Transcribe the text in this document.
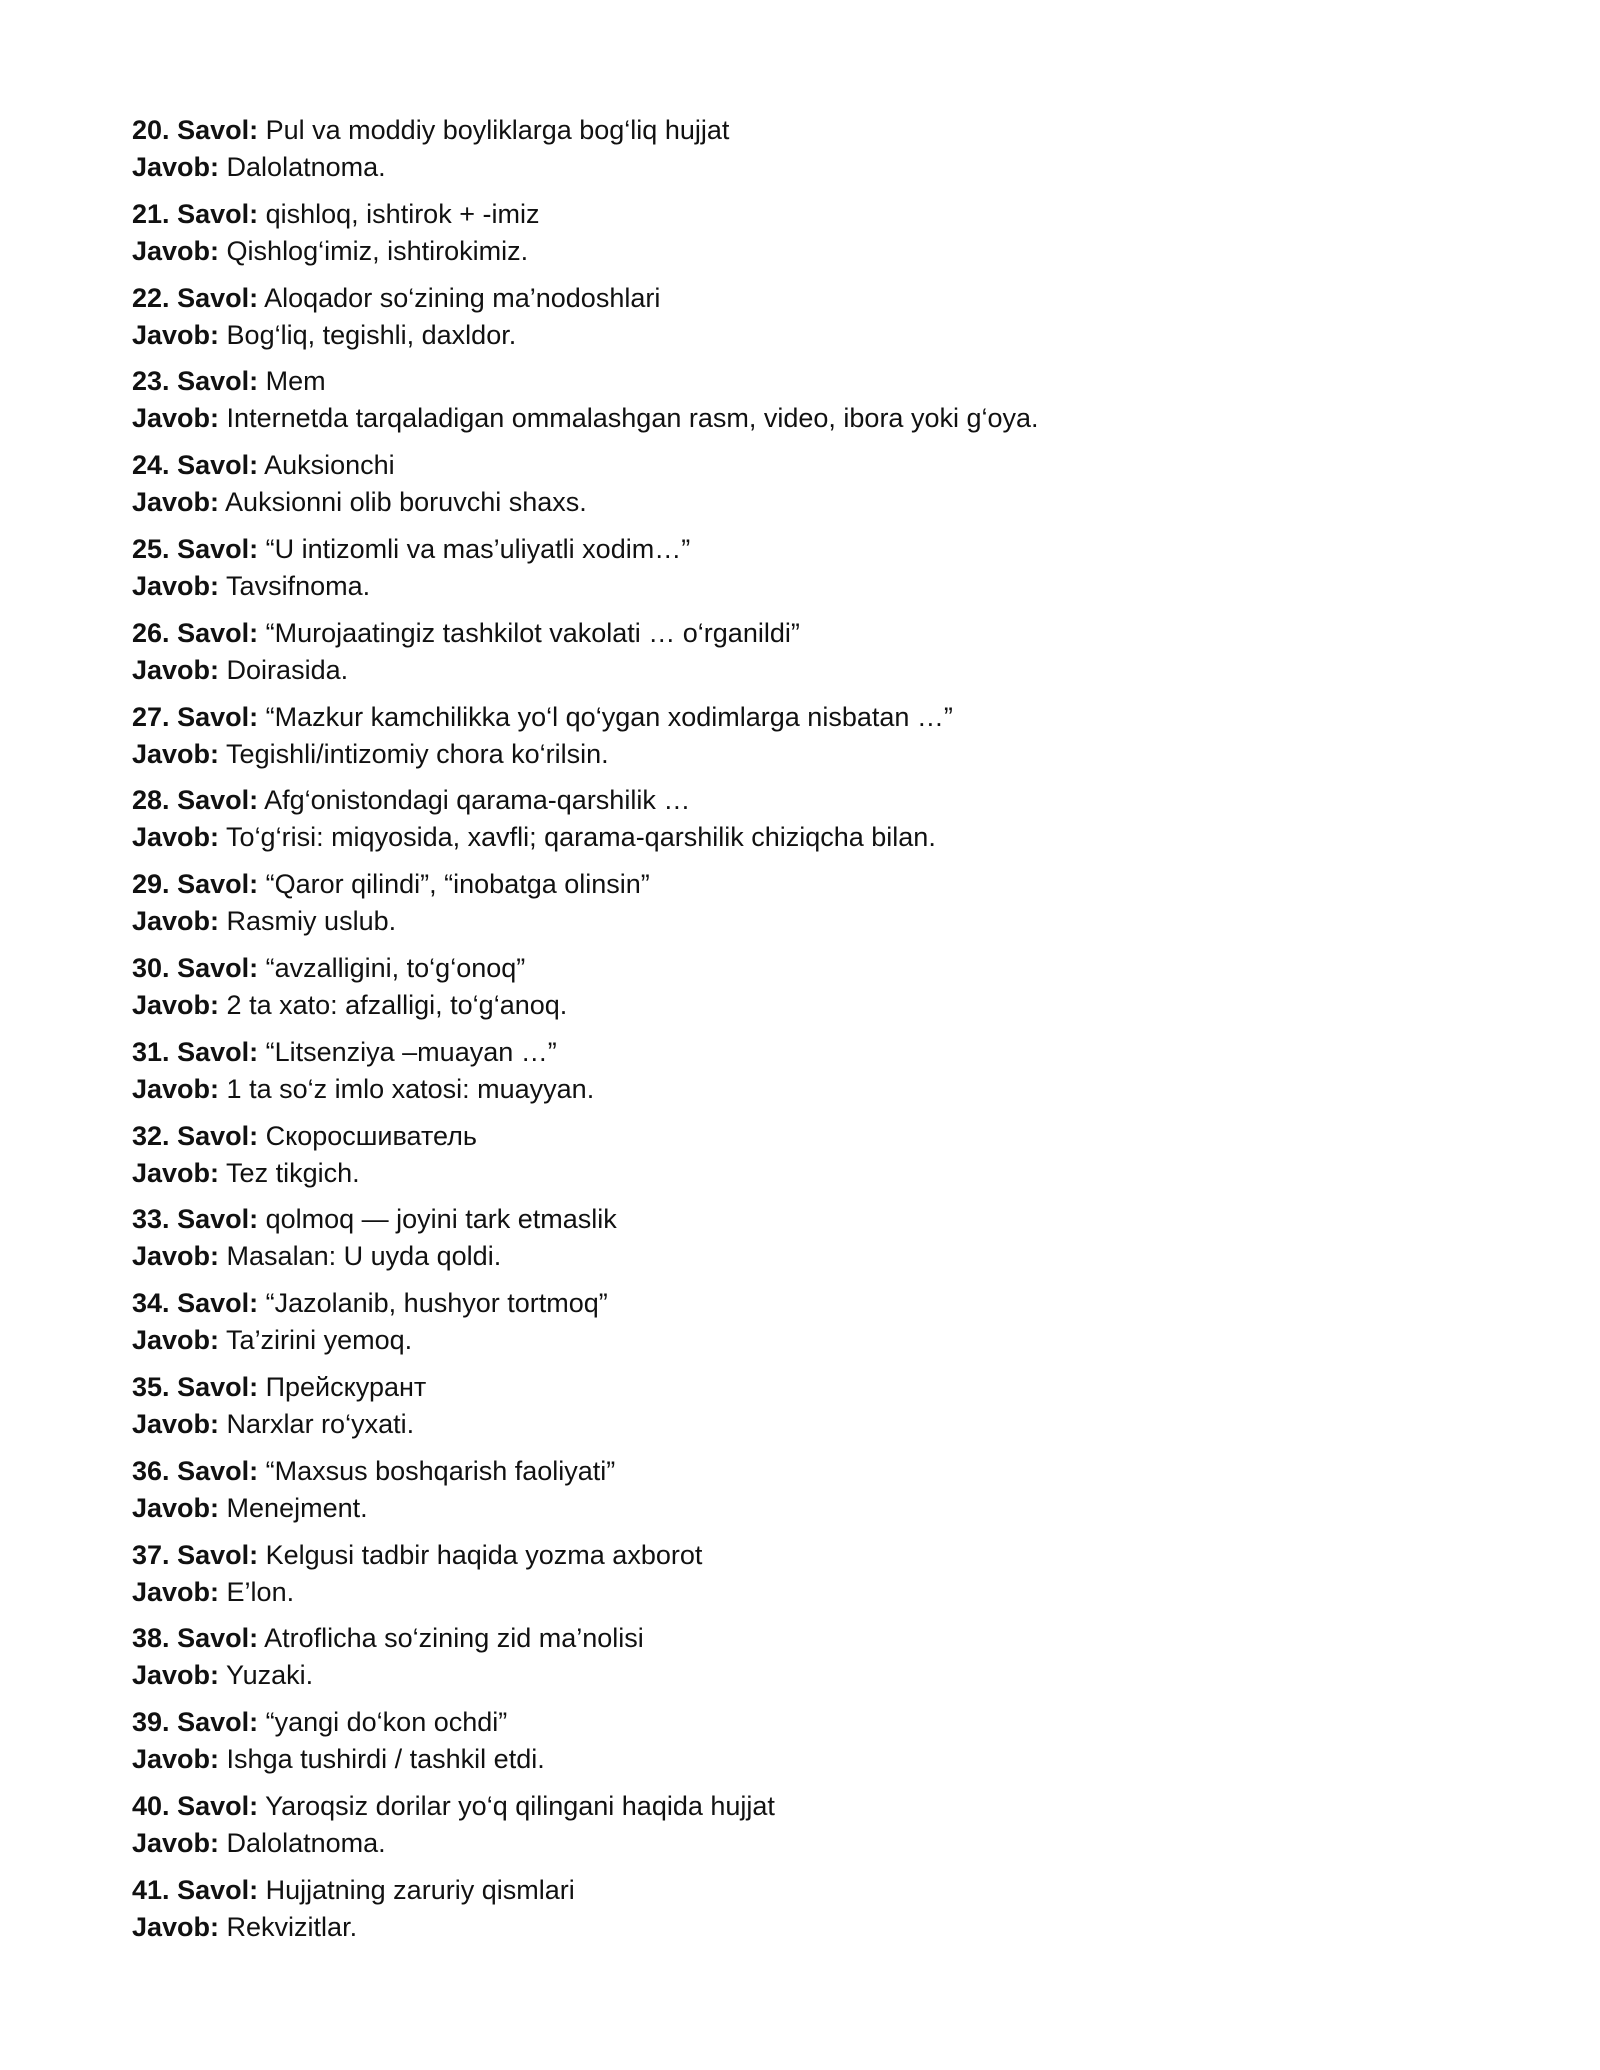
20. Savol: Pul va moddiy boyliklarga bog‘liq hujjat
Javob: Dalolatnoma.
21. Savol: qishloq, ishtirok + -imiz
Javob: Qishlog‘imiz, ishtirokimiz.
22. Savol: Aloqador so‘zining ma’nodoshlari
Javob: Bog‘liq, tegishli, daxldor.
23. Savol: Mem
Javob: Internetda tarqaladigan ommalashgan rasm, video, ibora yoki g‘oya.
24. Savol: Auksionchi
Javob: Auksionni olib boruvchi shaxs.
25. Savol: “U intizomli va mas’uliyatli xodim…”
Javob: Tavsifnoma.
26. Savol: “Murojaatingiz tashkilot vakolati … o‘rganildi”
Javob: Doirasida.
27. Savol: “Mazkur kamchilikka yo‘l qo‘ygan xodimlarga nisbatan …”
Javob: Tegishli/intizomiy chora ko‘rilsin.
28. Savol: Afg‘onistondagi qarama-qarshilik …
Javob: To‘g‘risi: miqyosida, xavfli; qarama-qarshilik chiziqcha bilan.
29. Savol: “Qaror qilindi”, “inobatga olinsin”
Javob: Rasmiy uslub.
30. Savol: “avzalligini, to‘g‘onoq”
Javob: 2 ta xato: afzalligi, to‘g‘anoq.
31. Savol: “Litsenziya –muayan …”
Javob: 1 ta so‘z imlo xatosi: muayyan.
32. Savol: Скоросшиватель
Javob: Tez tikgich.
33. Savol: qolmoq — joyini tark etmaslik
Javob: Masalan: U uyda qoldi.
34. Savol: “Jazolanib, hushyor tortmoq”
Javob: Ta’zirini yemoq.
35. Savol: Прейскурант
Javob: Narxlar ro‘yxati.
36. Savol: “Maxsus boshqarish faoliyati”
Javob: Menejment.
37. Savol: Kelgusi tadbir haqida yozma axborot
Javob: E’lon.
38. Savol: Atroflicha so‘zining zid ma’nolisi
Javob: Yuzaki.
39. Savol: “yangi do‘kon ochdi”
Javob: Ishga tushirdi / tashkil etdi.
40. Savol: Yaroqsiz dorilar yo‘q qilingani haqida hujjat
Javob: Dalolatnoma.
41. Savol: Hujjatning zaruriy qismlari
Javob: Rekvizitlar.
